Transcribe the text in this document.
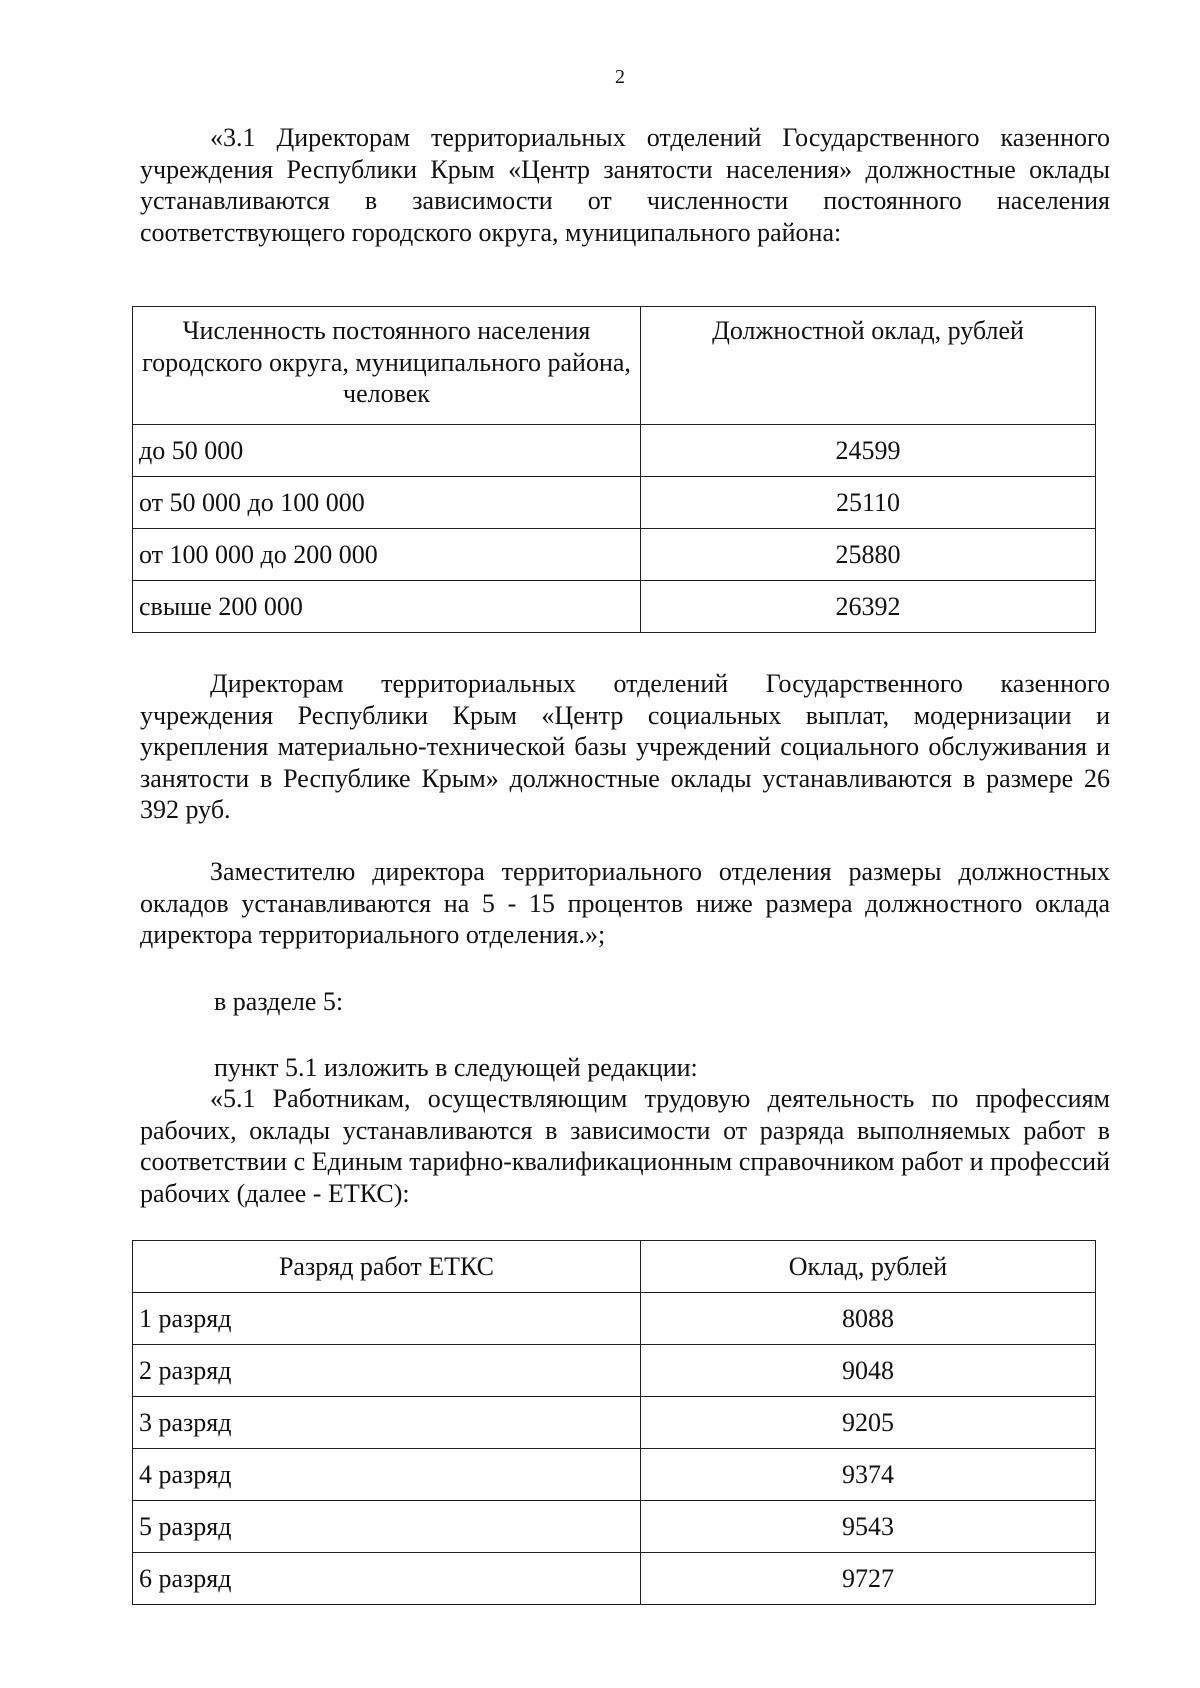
2

«3.1 Директорам территориальных отделений Государственного казенного учреждения Республики Крым «Центр занятости населения» должностные оклады устанавливаются в зависимости от численности постоянного населения соответствующего городского округа, муниципального района:

Численность постоянного населения городского округа, муниципального района, человек	Должностной оклад, рублей
до 50 000	24599
от 50 000 до 100 000	25110
от 100 000 до 200 000	25880
свыше 200 000	26392

Директорам территориальных отделений Государственного казенного учреждения Республики Крым «Центр социальных выплат, модернизации и укрепления материально-технической базы учреждений социального обслуживания и занятости в Республике Крым» должностные оклады устанавливаются в размере 26 392 руб.

Заместителю директора территориального отделения размеры должностных окладов устанавливаются на 5 - 15 процентов ниже размера должностного оклада директора территориального отделения.»;

в разделе 5:

пункт 5.1 изложить в следующей редакции:

«5.1 Работникам, осуществляющим трудовую деятельность по профессиям рабочих, оклады устанавливаются в зависимости от разряда выполняемых работ в соответствии с Единым тарифно-квалификационным справочником работ и профессий рабочих (далее - ЕТКС):

Разряд работ ЕТКС	Оклад, рублей
1 разряд	8088
2 разряд	9048
3 разряд	9205
4 разряд	9374
5 разряд	9543
6 разряд	9727
